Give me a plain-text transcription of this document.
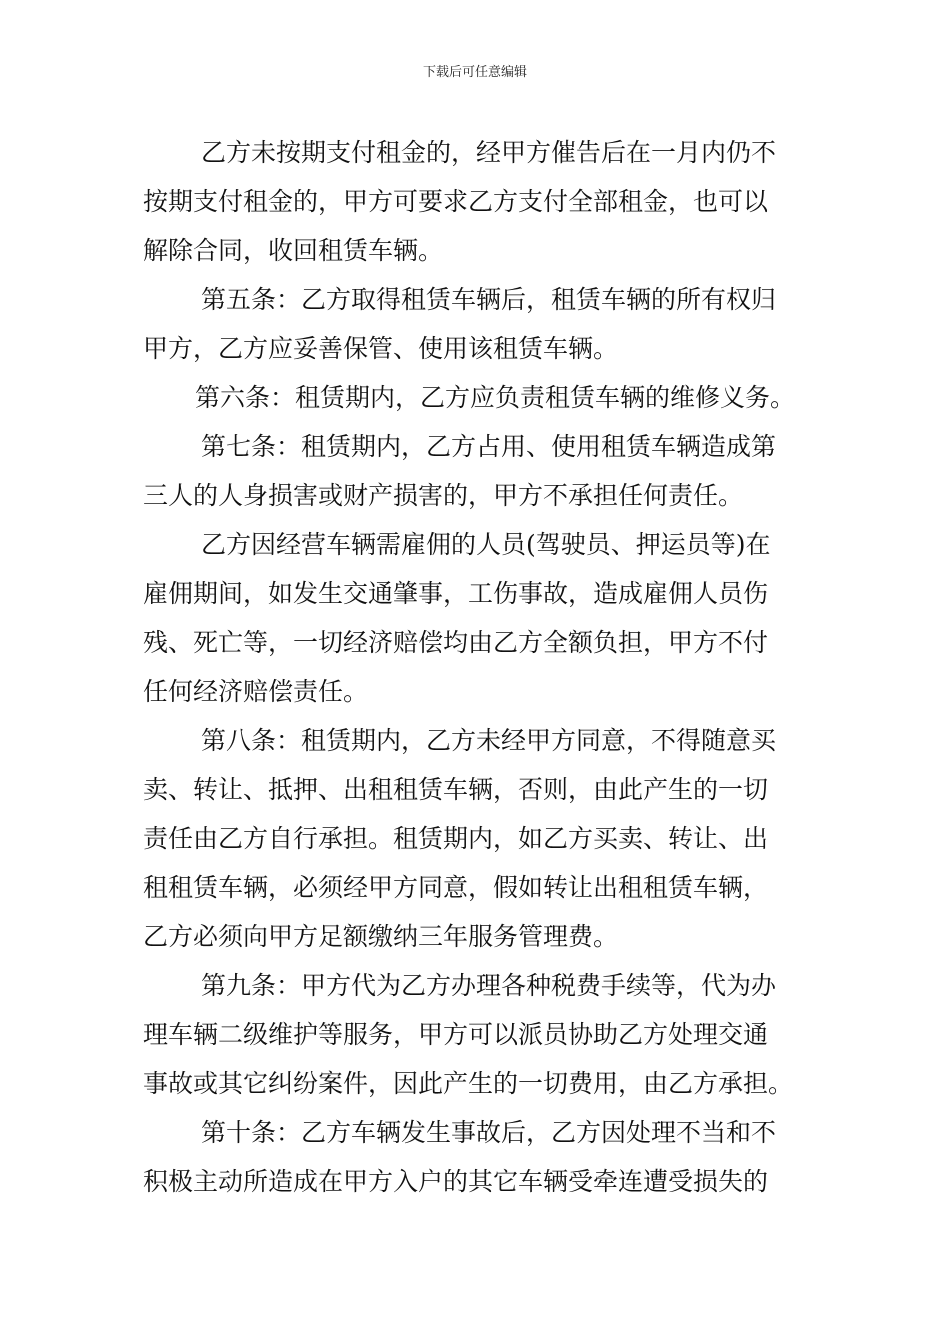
下载后可任意编辑
乙方未按期支付租金的，经甲方催告后在一月内仍不
按期支付租金的，甲方可要求乙方支付全部租金，也可以
解除合同，收回租赁车辆。
第五条：乙方取得租赁车辆后，租赁车辆的所有权归
甲方，乙方应妥善保管、使用该租赁车辆。
第六条：租赁期内，乙方应负责租赁车辆的维修义务。
第七条：租赁期内，乙方占用、使用租赁车辆造成第
三人的人身损害或财产损害的，甲方不承担任何责任。
乙方因经营车辆需雇佣的人员(驾驶员、押运员等)在
雇佣期间，如发生交通肇事，工伤事故，造成雇佣人员伤
残、死亡等，一切经济赔偿均由乙方全额负担，甲方不付
任何经济赔偿责任。
第八条：租赁期内，乙方未经甲方同意，不得随意买
卖、转让、抵押、出租租赁车辆，否则，由此产生的一切
责任由乙方自行承担。租赁期内，如乙方买卖、转让、出
租租赁车辆，必须经甲方同意，假如转让出租租赁车辆，
乙方必须向甲方足额缴纳三年服务管理费。
第九条：甲方代为乙方办理各种税费手续等，代为办
理车辆二级维护等服务，甲方可以派员协助乙方处理交通
事故或其它纠纷案件，因此产生的一切费用，由乙方承担。
第十条：乙方车辆发生事故后，乙方因处理不当和不
积极主动所造成在甲方入户的其它车辆受牵连遭受损失的
